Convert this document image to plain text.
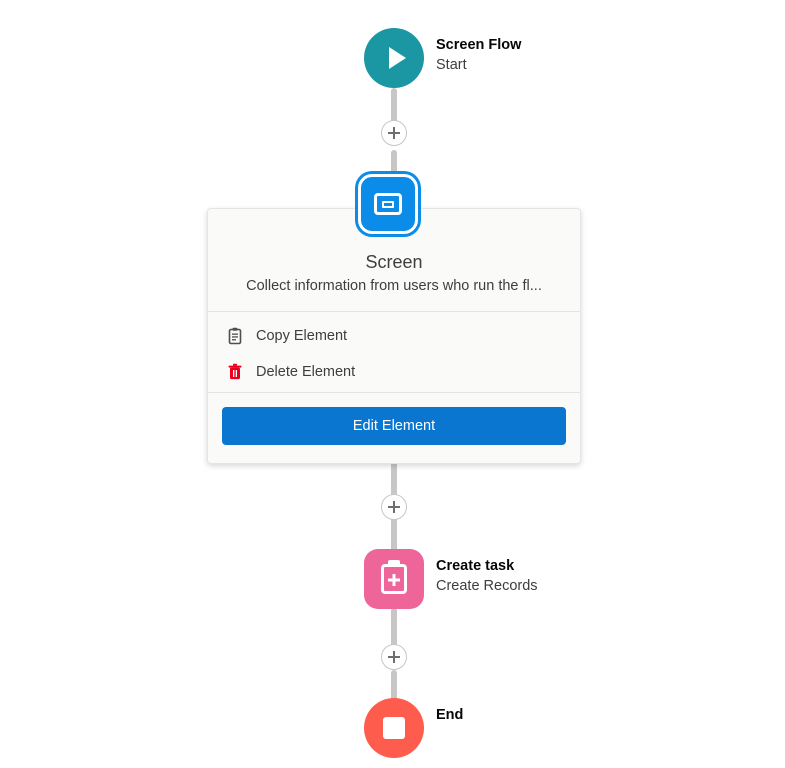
Screen Flow
Start
Screen
Collect information from users who run the fl...
Copy Element
Delete Element
Edit Element
Create task
Create Records
End
